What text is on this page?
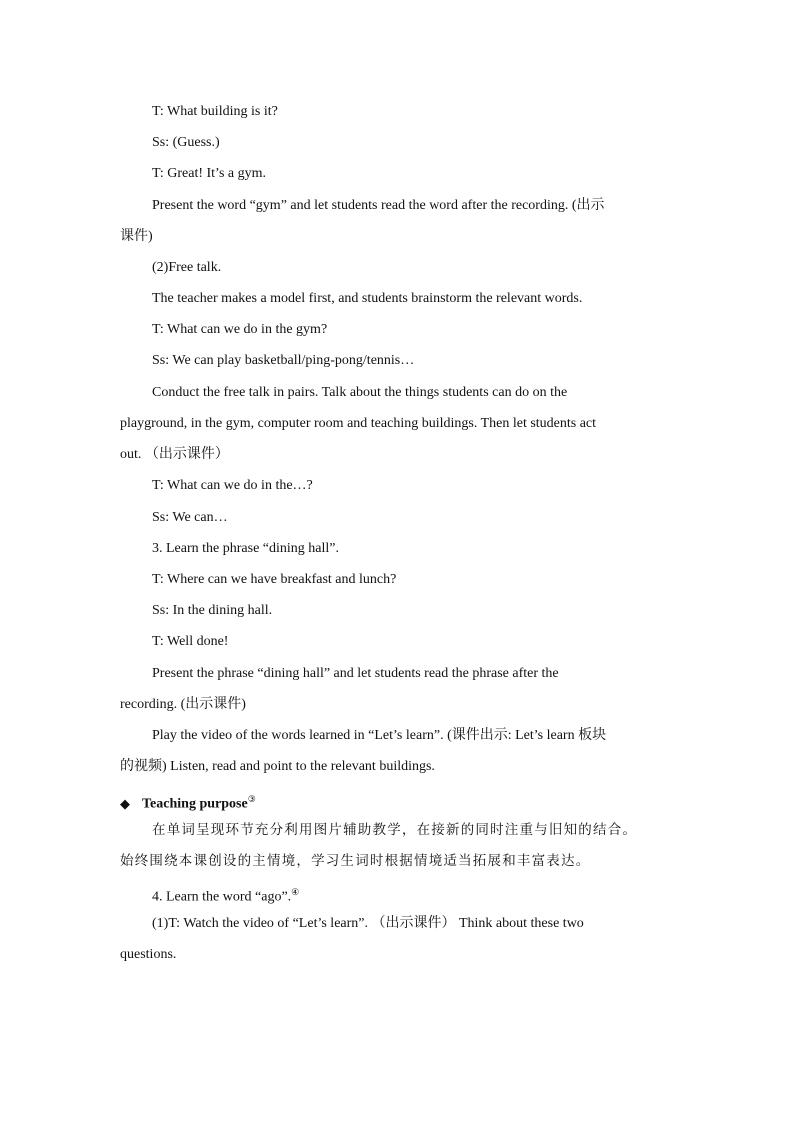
T: What building is it?
Ss: (Guess.)
T: Great! It’s a gym.
Present the word “gym” and let students read the word after the recording. (出示
课件)
(2)Free talk.
The teacher makes a model first, and students brainstorm the relevant words.
T: What can we do in the gym?
Ss: We can play basketball/ping-pong/tennis…
Conduct the free talk in pairs. Talk about the things students can do on the
playground, in the gym, computer room and teaching buildings. Then let students act
out. （出示课件）
T: What can we do in the…?
Ss: We can…
3. Learn the phrase “dining hall”.
T: Where can we have breakfast and lunch?
Ss: In the dining hall.
T: Well done!
Present the phrase “dining hall” and let students read the phrase after the
recording. (出示课件)
Play the video of the words learned in “Let’s learn”. (课件出示: Let’s learn 板块
的视频) Listen, read and point to the relevant buildings.
◆ Teaching purpose③
在单词呈现环节充分利用图片辅助教学，在接新的同时注重与旧知的结合。
始终围绕本课创设的主情境，学习生词时根据情境适当拓展和丰富表达。
4. Learn the word “ago”.④
(1)T: Watch the video of “Let’s learn”. （出示课件） Think about these two
questions.
